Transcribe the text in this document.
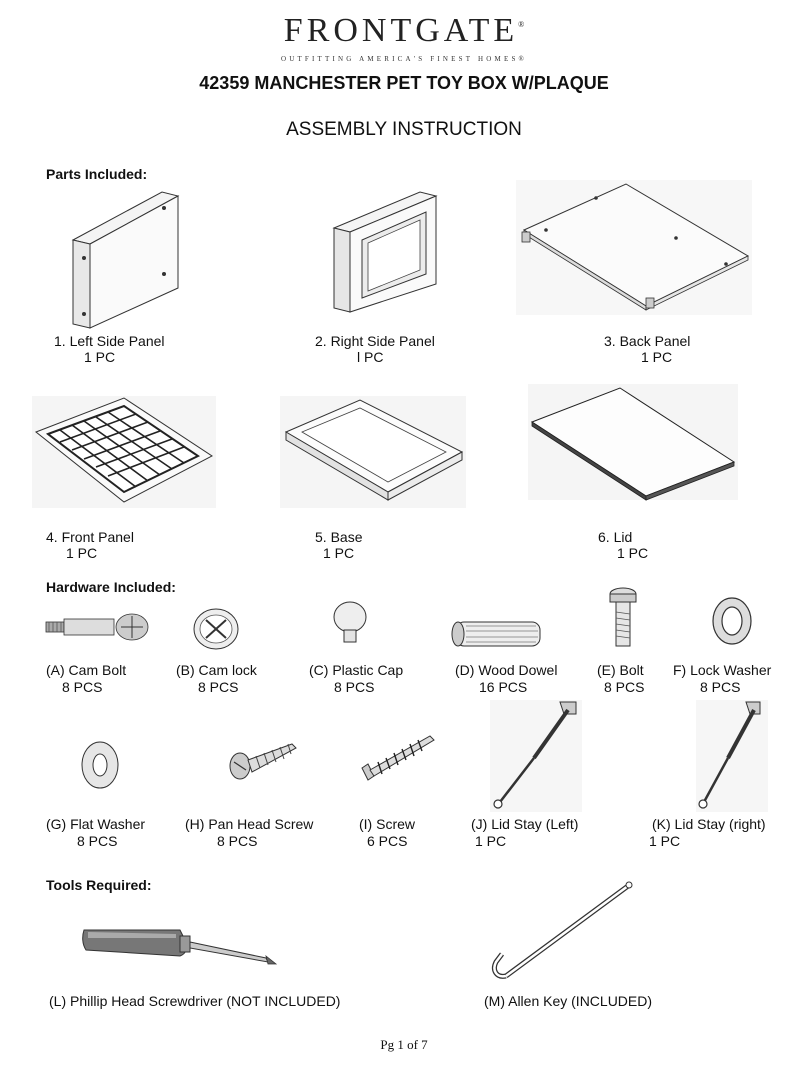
FRONTGATE®
OUTFITTING AMERICA'S FINEST HOMES®
42359 MANCHESTER PET TOY BOX W/PLAQUE
ASSEMBLY INSTRUCTION
Parts Included:
1. Left Side Panel
1 PC
2. Right Side Panel
l PC
3. Back Panel
1 PC
4. Front Panel
1 PC
5. Base
1 PC
6. Lid
1 PC
Hardware Included:
(A) Cam Bolt
8 PCS
(B) Cam lock
8 PCS
(C) Plastic Cap
8 PCS
(D) Wood Dowel
16 PCS
(E) Bolt
8 PCS
F) Lock Washer
8 PCS
(G) Flat Washer
8 PCS
(H) Pan Head Screw
8 PCS
(I) Screw
6 PCS
(J) Lid Stay (Left)
1 PC
(K) Lid Stay (right)
1 PC
Tools Required:
(L) Phillip Head Screwdriver (NOT INCLUDED)	(M) Allen Key (INCLUDED)
Pg 1 of 7
